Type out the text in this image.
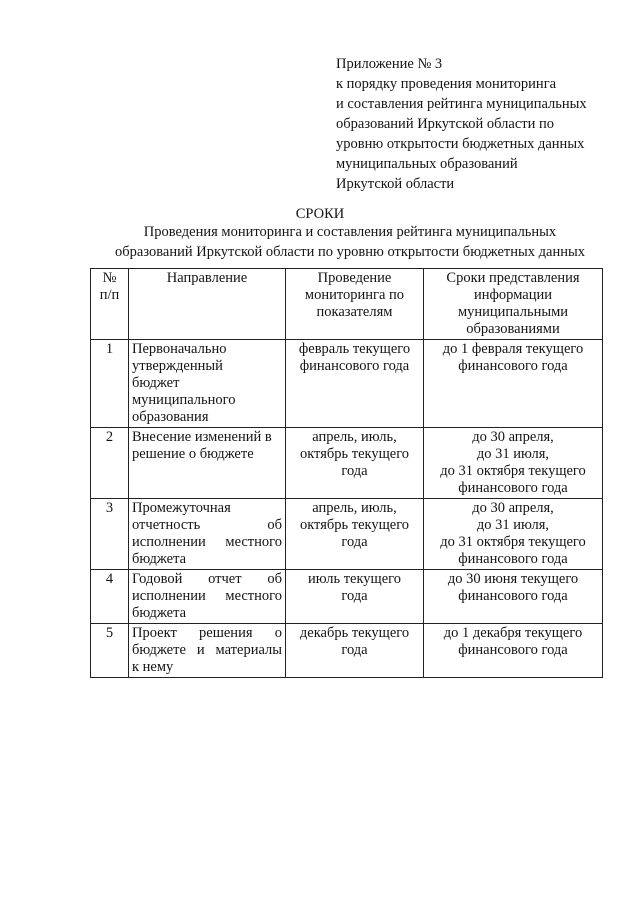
Приложение № 3
к порядку проведения мониторинга
и составления рейтинга муниципальных
образований Иркутской области по
уровню открытости бюджетных данных
муниципальных образований
Иркутской области
СРОКИ
Проведения мониторинга и составления рейтинга муниципальных
образований Иркутской области по уровню открытости бюджетных данных
№
п/п	Направление	Проведение
мониторинга по
показателям	Сроки представления
информации
муниципальными
образованиями

1	Первоначально
утвержденный
бюджет
муниципального
образования	февраль текущего
финансового года	до 1 февраля текущего
финансового года

2	Внесение изменений в
решение о бюджете	апрель, июль,
октябрь текущего
года	до 30 апреля,
до 31 июля,
до 31 октября текущего
финансового года

3	Промежуточная
отчетность об
исполнении местного
бюджета	апрель, июль,
октябрь текущего
года	до 30 апреля,
до 31 июля,
до 31 октября текущего
финансового года

4	Годовой отчет об
исполнении местного
бюджета	июль текущего
года	до 30 июня текущего
финансового года

5	Проект решения о
бюджете и материалы
к нему	декабрь текущего
года	до 1 декабря текущего
финансового года
